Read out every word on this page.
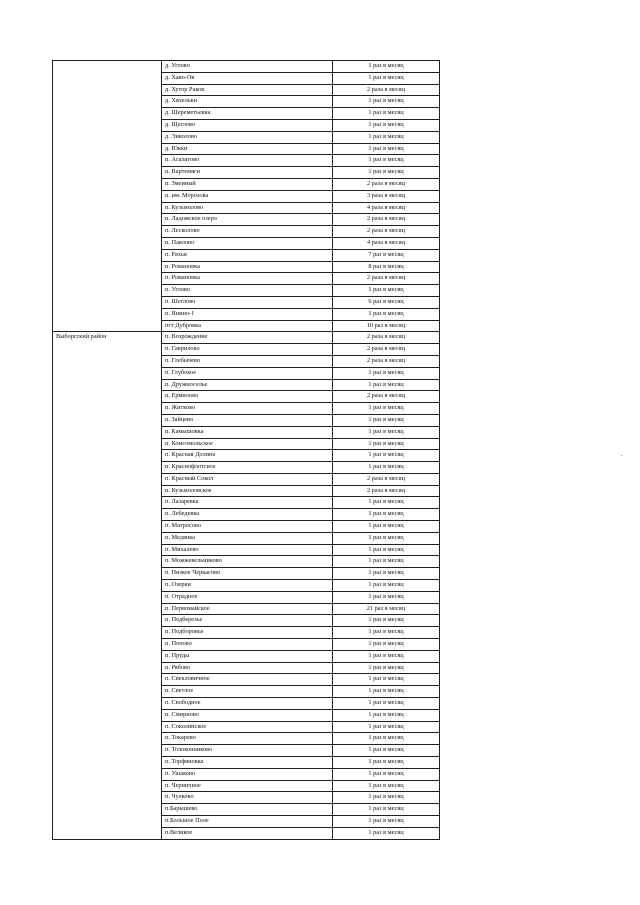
	д. Углово	1 раз в месяц
	д. Хаво-Ов	1 раз в месяц
	д. Хутор Раков	2 раза в месяц
	д. Хяхельки	1 раз в месяц
	д. Шереметьевка	1 раз в месяц
	д. Щеглово	1 раз в месяц
	д. Энколово	1 раз в месяц
	д. Юкки	1 раз в месяц
	п. Агалатово	1 раз в месяц
	п. Вартемяги	1 раз в месяц
	п. Змеиный	2 раза в месяц
	п. им. Морозова	3 раза в месяц
	п. Кузьмолово	4 раза в месяц
	п. Ладожское озеро	2 раза в месяц
	п. Лесколово	2 раза в месяц
	п. Павлово	4 раза в месяц
	п. Рахья	7 раз в месяц
	п. Романовка	8 раз в месяц
	п. Романовка	2 раза в месяц
	п. Углово	1 раз в месяц
	п. Шеглово	6 раз в месяц
	п. Янино-1	1 раз в месяц
	пгт Дубровка	10 раз в месяц
Выборгский район	п. Возрождение	2 раза в месяц
	п. Гаврилово	2 раза в месяц
	п. Глебычево	2 раза в месяц
	п. Глубокое	1 раз в месяц
	п. Дружноселье	1 раз в месяц
	п. Ермилово	2 раза в месяц
	п. Житково	1 раз в месяц
	п. Зайцево	1 раз в месяц
	п. Камышовка	1 раз в месяц
	п. Комсомольское	1 раз в месяц
	п. Красная Долина	1 раз в месяц
	п. Краснофлотское	1 раз в месяц
	п. Красный Сокол	2 раза в месяц
	п. Кузьмоловское	2 раза в месяц
	п. Лазаревка	1 раз в месяц
	п. Лебедевка	1 раз в месяц
	п. Матросово	1 раз в месяц
	п. Медянка	1 раз в месяц
	п. Михалево	1 раз в месяц
	п. Можжевельниково	1 раз в месяц
	п. Низкое Черкасово	1 раз в месяц
	п. Озерки	1 раз в месяц
	п. Отрадное	1 раз в месяц
	п. Первомайское	21 раз в месяц
	п. Подберезье	1 раз в месяц
	п. Подборовье	1 раз в месяц
	п. Попово	1 раз в месяц
	п. Пруды	1 раз в месяц
	п. Рябово	1 раз в месяц
	п. Свекловичное	1 раз в месяц
	п. Светлое	1 раз в месяц
	п. Свободное	1 раз в месяц
	п. Смирново	1 раз в месяц
	п. Соколинское	1 раз в месяц
	п. Токарево	1 раз в месяц
	п. Толоконниково	1 раз в месяц
	п. Торфяновка	1 раз в месяц
	п. Ушаково	1 раз в месяц
	п. Черничное	1 раз в месяц
	п. Чулково	1 раз в месяц
	п.Барышево	1 раз в месяц
	п.Большое Поле	1 раз в месяц
	п.Великое	1 раз в месяц
